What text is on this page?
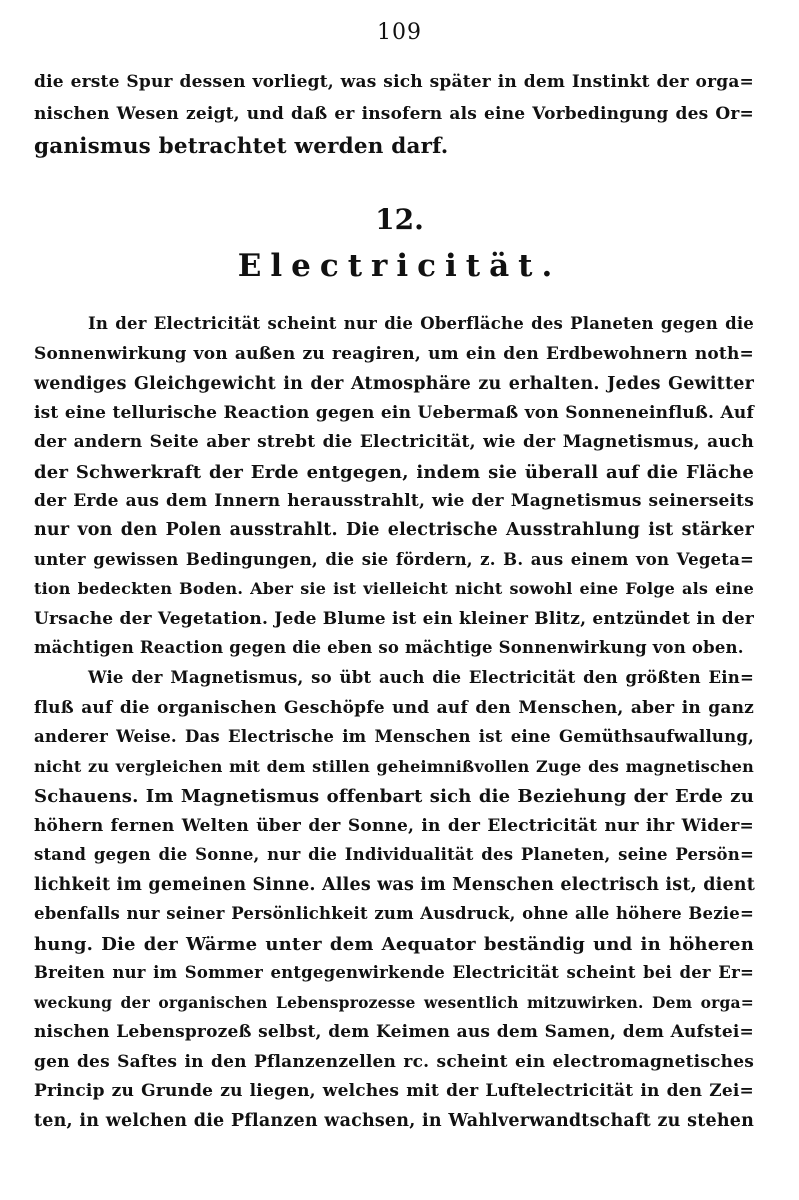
109
die erste Spur dessen vorliegt, was sich später in dem Instinkt der orga=
nischen Wesen zeigt, und daß er insofern als eine Vorbedingung des Or=
ganismus betrachtet werden darf.
12.
Electricität.
In der Electricität scheint nur die Oberfläche des Planeten gegen die
Sonnenwirkung von außen zu reagiren, um ein den Erdbewohnern noth=
wendiges Gleichgewicht in der Atmosphäre zu erhalten. Jedes Gewitter
ist eine tellurische Reaction gegen ein Uebermaß von Sonneneinfluß. Auf
der andern Seite aber strebt die Electricität, wie der Magnetismus, auch
der Schwerkraft der Erde entgegen, indem sie überall auf die Fläche
der Erde aus dem Innern herausstrahlt, wie der Magnetismus seinerseits
nur von den Polen ausstrahlt. Die electrische Ausstrahlung ist stärker
unter gewissen Bedingungen, die sie fördern, z. B. aus einem von Vegeta=
tion bedeckten Boden. Aber sie ist vielleicht nicht sowohl eine Folge als eine
Ursache der Vegetation. Jede Blume ist ein kleiner Blitz, entzündet in der
mächtigen Reaction gegen die eben so mächtige Sonnenwirkung von oben.
Wie der Magnetismus, so übt auch die Electricität den größten Ein=
fluß auf die organischen Geschöpfe und auf den Menschen, aber in ganz
anderer Weise. Das Electrische im Menschen ist eine Gemüthsaufwallung,
nicht zu vergleichen mit dem stillen geheimnißvollen Zuge des magnetischen
Schauens. Im Magnetismus offenbart sich die Beziehung der Erde zu
höhern fernen Welten über der Sonne, in der Electricität nur ihr Wider=
stand gegen die Sonne, nur die Individualität des Planeten, seine Persön=
lichkeit im gemeinen Sinne. Alles was im Menschen electrisch ist, dient
ebenfalls nur seiner Persönlichkeit zum Ausdruck, ohne alle höhere Bezie=
hung. Die der Wärme unter dem Aequator beständig und in höheren
Breiten nur im Sommer entgegenwirkende Electricität scheint bei der Er=
weckung der organischen Lebensprozesse wesentlich mitzuwirken. Dem orga=
nischen Lebensprozeß selbst, dem Keimen aus dem Samen, dem Aufstei=
gen des Saftes in den Pflanzenzellen rc. scheint ein electromagnetisches
Princip zu Grunde zu liegen, welches mit der Luftelectricität in den Zei=
ten, in welchen die Pflanzen wachsen, in Wahlverwandtschaft zu stehen
